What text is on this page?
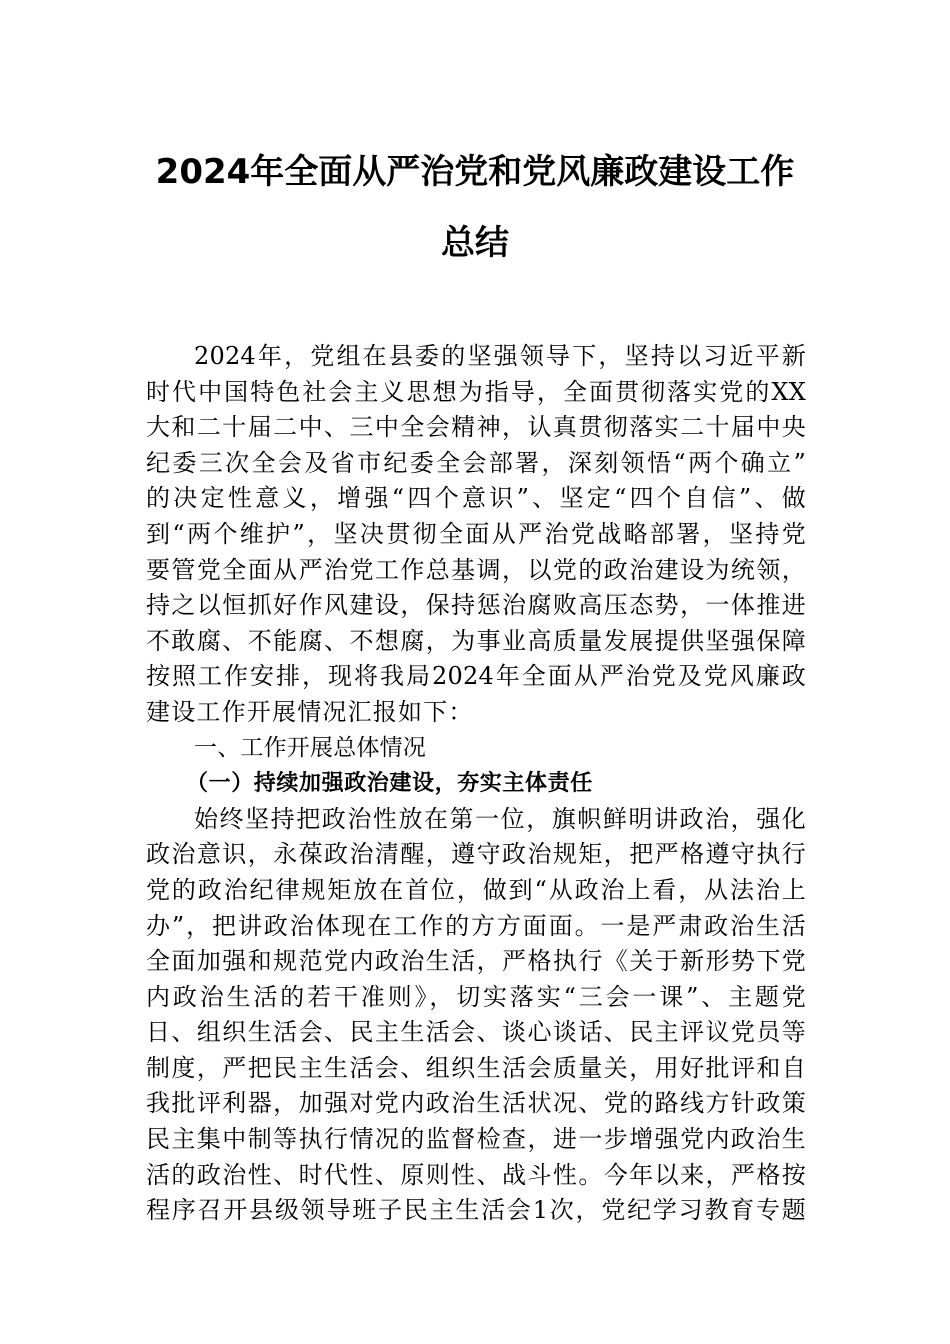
2024年全面从严治党和党风廉政建设工作
总结
2024年，党组在县委的坚强领导下，坚持以习近平新
时代中国特色社会主义思想为指导，全面贯彻落实党的XX
大和二十届二中、三中全会精神，认真贯彻落实二十届中央
纪委三次全会及省市纪委全会部署，深刻领悟“两个确立”
的决定性意义，增强“四个意识”、坚定“四个自信”、做
到“两个维护”，坚决贯彻全面从严治党战略部署，坚持党
要管党全面从严治党工作总基调，以党的政治建设为统领，
持之以恒抓好作风建设，保持惩治腐败高压态势，一体推进
不敢腐、不能腐、不想腐，为事业高质量发展提供坚强保障
按照工作安排，现将我局2024年全面从严治党及党风廉政
建设工作开展情况汇报如下：
一、工作开展总体情况
（一）持续加强政治建设，夯实主体责任
始终坚持把政治性放在第一位，旗帜鲜明讲政治，强化
政治意识，永葆政治清醒，遵守政治规矩，把严格遵守执行
党的政治纪律规矩放在首位，做到“从政治上看，从法治上
办”，把讲政治体现在工作的方方面面。一是严肃政治生活
全面加强和规范党内政治生活，严格执行《关于新形势下党
内政治生活的若干准则》，切实落实“三会一课”、主题党
日、组织生活会、民主生活会、谈心谈话、民主评议党员等
制度，严把民主生活会、组织生活会质量关，用好批评和自
我批评利器，加强对党内政治生活状况、党的路线方针政策
民主集中制等执行情况的监督检查，进一步增强党内政治生
活的政治性、时代性、原则性、战斗性。今年以来，严格按
程序召开县级领导班子民主生活会1次，党纪学习教育专题
